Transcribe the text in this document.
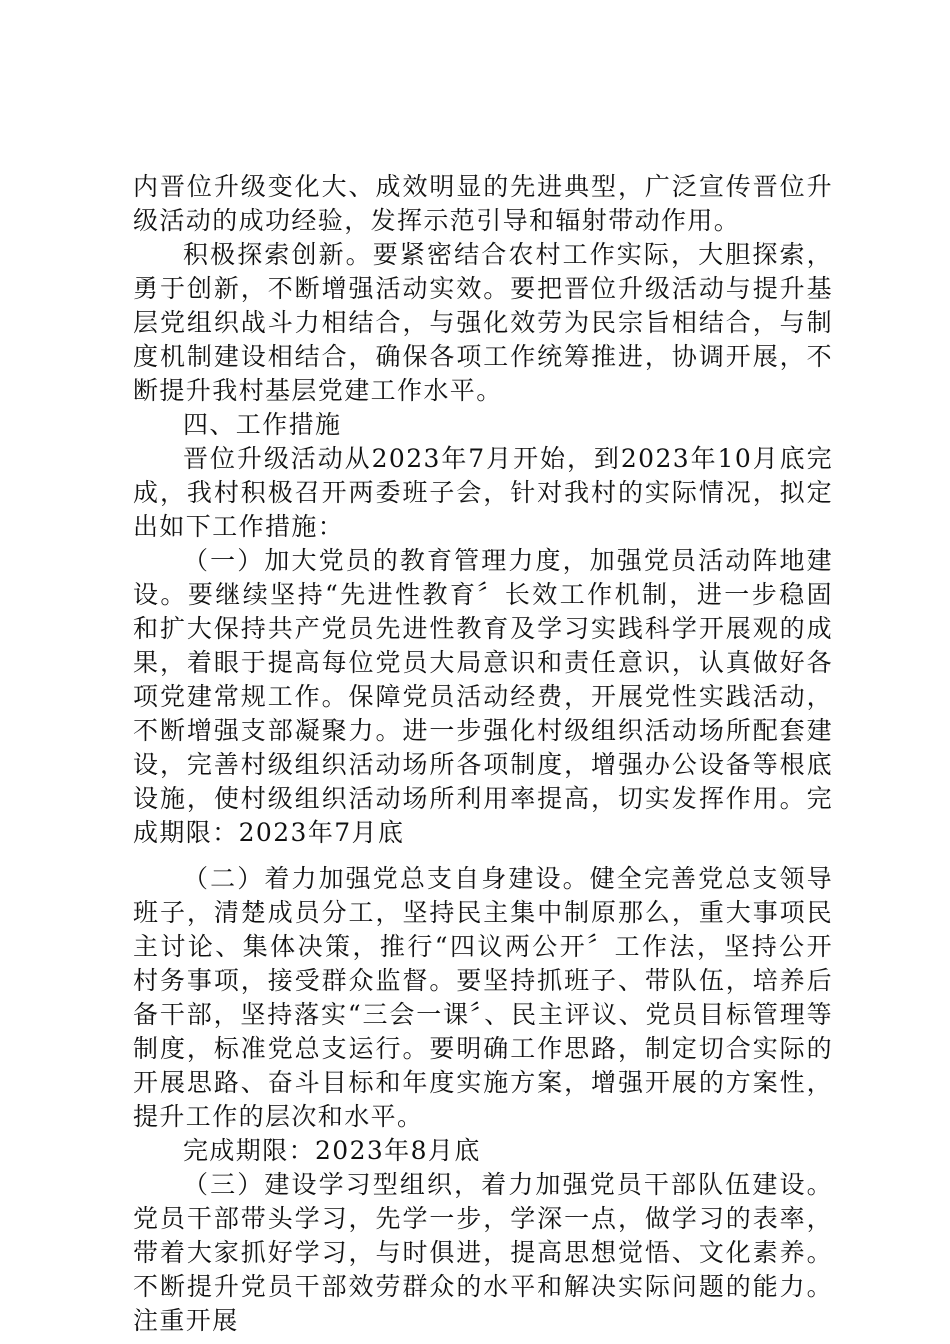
内晋位升级变化大、成效明显的先进典型，广泛宣传晋位升级活动的成功经验，发挥示范引导和辐射带动作用。

积极探索创新。要紧密结合农村工作实际，大胆探索，勇于创新，不断增强活动实效。要把晋位升级活动与提升基层党组织战斗力相结合，与强化效劳为民宗旨相结合，与制度机制建设相结合，确保各项工作统筹推进，协调开展，不断提升我村基层党建工作水平。

四、工作措施

晋位升级活动从2023年7月开始，到2023年10月底完成，我村积极召开两委班子会，针对我村的实际情况，拟定出如下工作措施：

（一）加大党员的教育管理力度，加强党员活动阵地建设。要继续坚持“先进性教育〞长效工作机制，进一步稳固和扩大保持共产党员先进性教育及学习实践科学开展观的成果，着眼于提高每位党员大局意识和责任意识，认真做好各项党建常规工作。保障党员活动经费，开展党性实践活动，不断增强支部凝聚力。进一步强化村级组织活动场所配套建设，完善村级组织活动场所各项制度，增强办公设备等根底设施，使村级组织活动场所利用率提高，切实发挥作用。完成期限：2023年7月底

（二）着力加强党总支自身建设。健全完善党总支领导班子，清楚成员分工，坚持民主集中制原那么，重大事项民主讨论、集体决策，推行“四议两公开〞工作法，坚持公开村务事项，接受群众监督。要坚持抓班子、带队伍，培养后备干部，坚持落实“三会一课〞、民主评议、党员目标管理等制度，标准党总支运行。要明确工作思路，制定切合实际的开展思路、奋斗目标和年度实施方案，增强开展的方案性，提升工作的层次和水平。

完成期限：2023年8月底

（三）建设学习型组织，着力加强党员干部队伍建设。党员干部带头学习，先学一步，学深一点，做学习的表率，带着大家抓好学习，与时俱进，提高思想觉悟、文化素养。不断提升党员干部效劳群众的水平和解决实际问题的能力。注重开展
